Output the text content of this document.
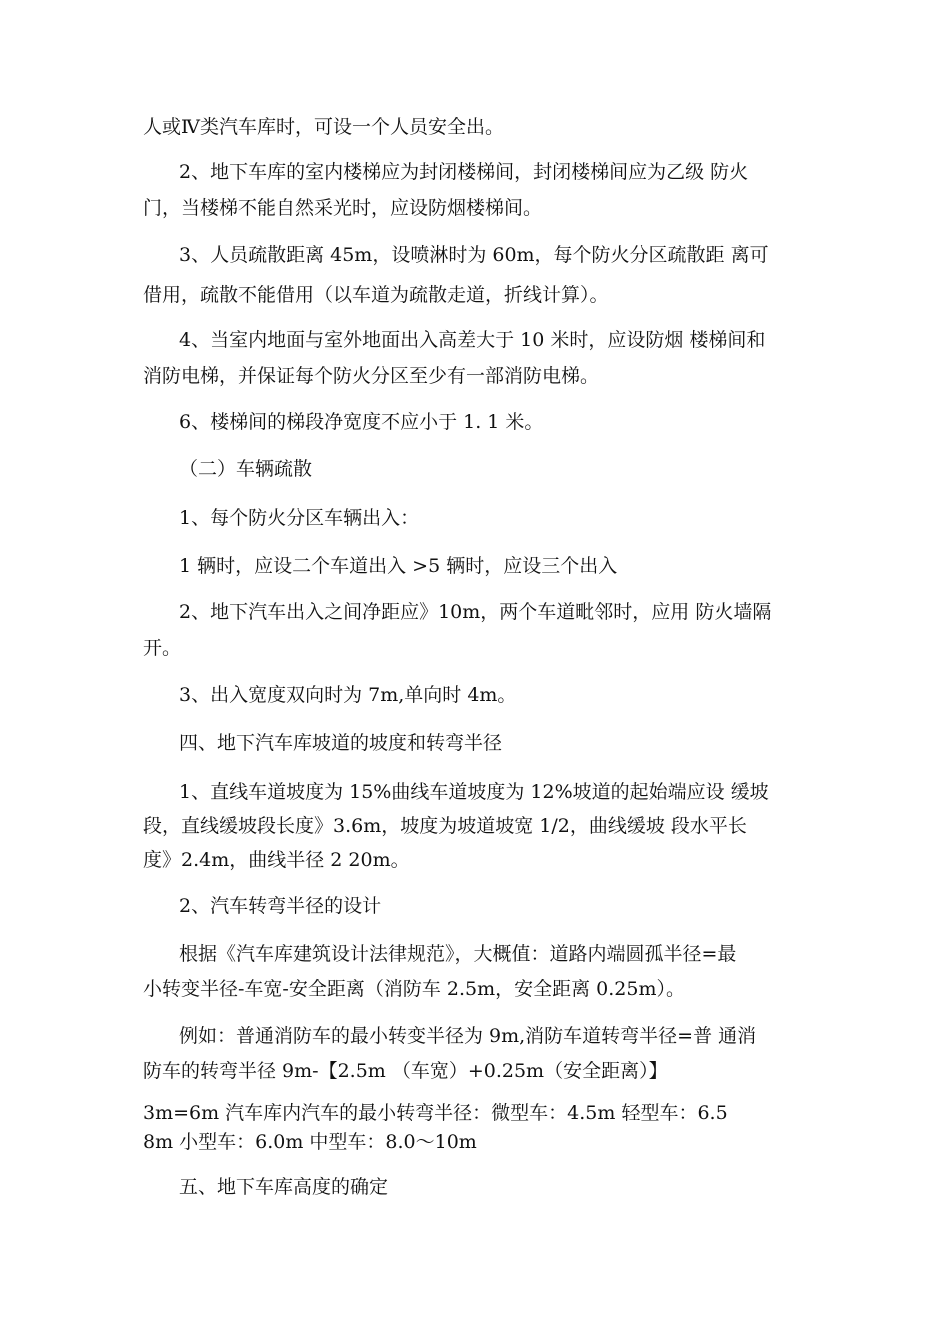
人或Ⅳ类汽车库时，可设一个人员安全出。
2、地下车库的室内楼梯应为封闭楼梯间，封闭楼梯间应为乙级 防火
门，当楼梯不能自然采光时，应设防烟楼梯间。
3、人员疏散距离 45m，设喷淋时为 60m，每个防火分区疏散距 离可
借用，疏散不能借用（以车道为疏散走道，折线计算）。
4、当室内地面与室外地面出入高差大于 10 米时，应设防烟 楼梯间和
消防电梯，并保证每个防火分区至少有一部消防电梯。
6、楼梯间的梯段净宽度不应小于 1. 1 米。
（二）车辆疏散
1、每个防火分区车辆出入：
1 辆时，应设二个车道出入 >5 辆时，应设三个出入
2、地下汽车出入之间净距应》10m，两个车道毗邻时，应用 防火墙隔
开。
3、出入宽度双向时为 7m,单向时 4m。
四、地下汽车库坡道的坡度和转弯半径
1、直线车道坡度为 15%曲线车道坡度为 12%坡道的起始端应设 缓坡
段，直线缓坡段长度》3.6m，坡度为坡道坡宽 1/2，曲线缓坡 段水平长
度》2.4m，曲线半径 2 20m。
2、汽车转弯半径的设计
根据《汽车库建筑设计法律规范》，大概值：道路内端圆孤半径=最
小转变半径-车宽-安全距离（消防车 2.5m，安全距离 0.25m）。
例如：普通消防车的最小转变半径为 9m,消防车道转弯半径=普 通消
防车的转弯半径 9m-【2.5m （车宽）+0.25m（安全距离）】
3m=6m 汽车库内汽车的最小转弯半径：微型车：4.5m 轻型车：6.5
8m 小型车：6.0m 中型车：8.0〜10m
五、地下车库高度的确定
